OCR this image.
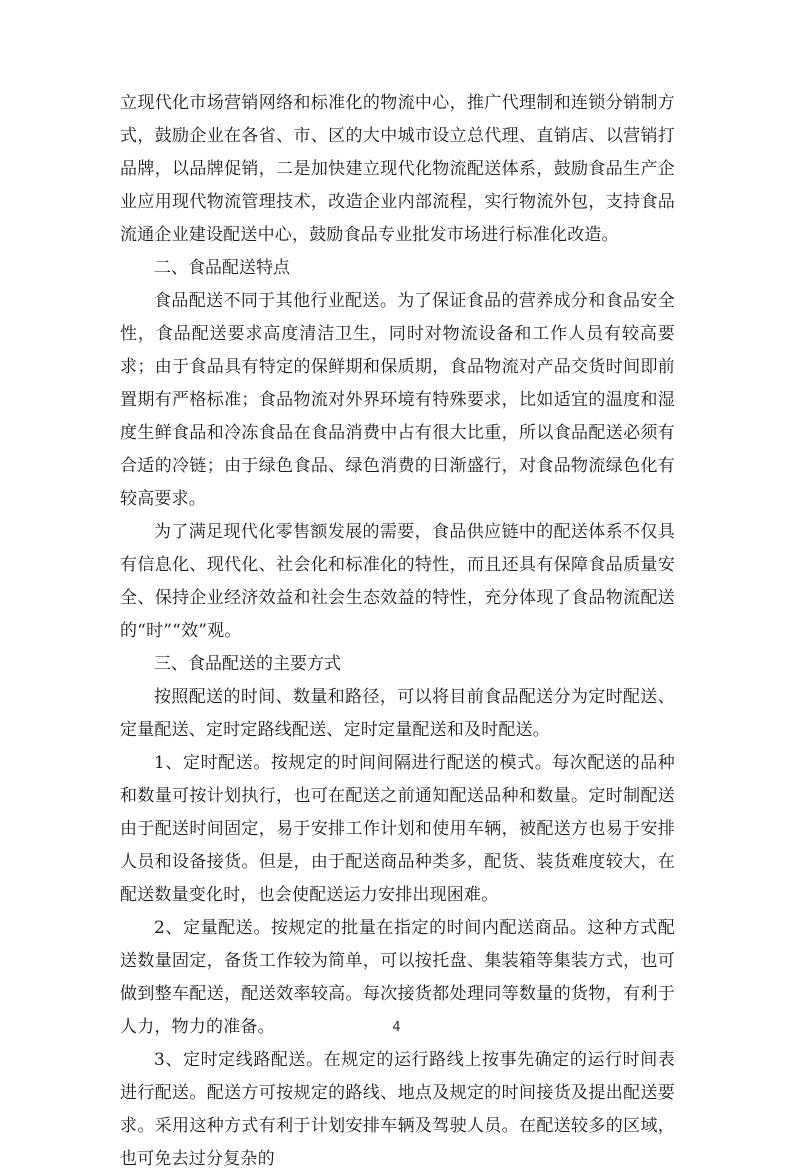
立现代化市场营销网络和标准化的物流中心，推广代理制和连锁分销制方式，鼓励企业在各省、市、区的大中城市设立总代理、直销店、以营销打品牌，以品牌促销，二是加快建立现代化物流配送体系，鼓励食品生产企业应用现代物流管理技术，改造企业内部流程，实行物流外包，支持食品流通企业建设配送中心，鼓励食品专业批发市场进行标准化改造。

二、食品配送特点

食品配送不同于其他行业配送。为了保证食品的营养成分和食品安全性，食品配送要求高度清洁卫生，同时对物流设备和工作人员有较高要求；由于食品具有特定的保鲜期和保质期，食品物流对产品交货时间即前置期有严格标准；食品物流对外界环境有特殊要求，比如适宜的温度和湿度生鲜食品和冷冻食品在食品消费中占有很大比重，所以食品配送必须有合适的冷链；由于绿色食品、绿色消费的日渐盛行，对食品物流绿色化有较高要求。

为了满足现代化零售额发展的需要，食品供应链中的配送体系不仅具有信息化、现代化、社会化和标准化的特性，而且还具有保障食品质量安全、保持企业经济效益和社会生态效益的特性，充分体现了食品物流配送的“时”“效”观。

三、食品配送的主要方式

按照配送的时间、数量和路径，可以将目前食品配送分为定时配送、定量配送、定时定路线配送、定时定量配送和及时配送。

1、定时配送。按规定的时间间隔进行配送的模式。每次配送的品种和数量可按计划执行，也可在配送之前通知配送品种和数量。定时制配送由于配送时间固定，易于安排工作计划和使用车辆，被配送方也易于安排人员和设备接货。但是，由于配送商品种类多，配货、装货难度较大，在配送数量变化时，也会使配送运力安排出现困难。

2、定量配送。按规定的批量在指定的时间内配送商品。这种方式配送数量固定，备货工作较为简单，可以按托盘、集装箱等集装方式，也可做到整车配送，配送效率较高。每次接货都处理同等数量的货物，有利于人力，物力的准备。

3、定时定线路配送。在规定的运行路线上按事先确定的运行时间表进行配送。配送方可按规定的路线、地点及规定的时间接货及提出配送要求。采用这种方式有利于计划安排车辆及驾驶人员。在配送较多的区域，也可免去过分复杂的

4
